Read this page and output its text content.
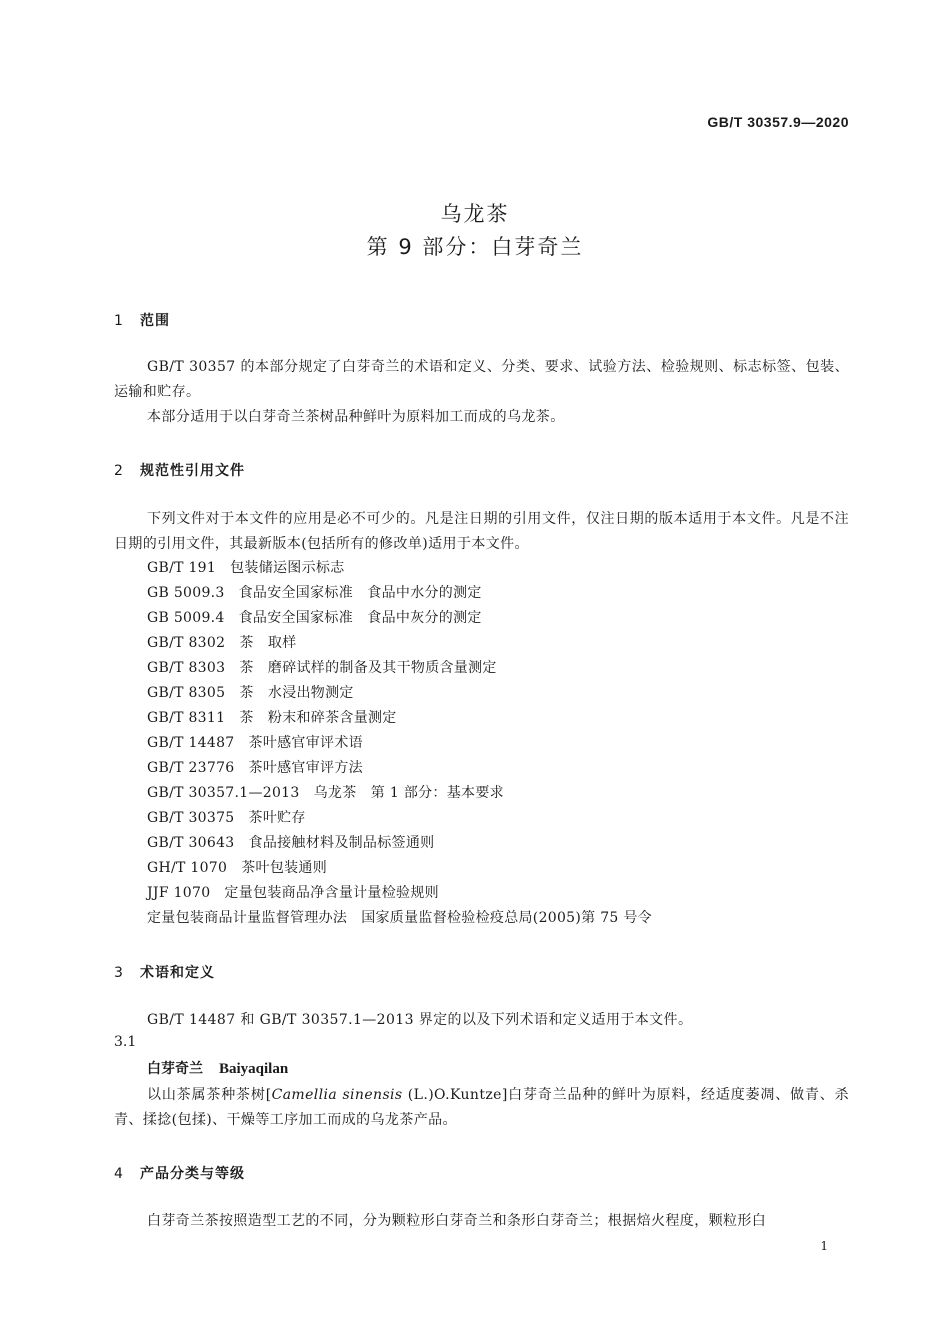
GB/T 30357.9—2020
乌龙茶
第 9 部分：白芽奇兰
1 范围
GB/T 30357 的本部分规定了白芽奇兰的术语和定义、分类、要求、试验方法、检验规则、标志标签、包装、运输和贮存。
本部分适用于以白芽奇兰茶树品种鲜叶为原料加工而成的乌龙茶。
2 规范性引用文件
下列文件对于本文件的应用是必不可少的。凡是注日期的引用文件，仅注日期的版本适用于本文件。凡是不注日期的引用文件，其最新版本(包括所有的修改单)适用于本文件。
GB/T 191 包装储运图示标志
GB 5009.3 食品安全国家标准　食品中水分的测定
GB 5009.4 食品安全国家标准　食品中灰分的测定
GB/T 8302 茶　取样
GB/T 8303 茶　磨碎试样的制备及其干物质含量测定
GB/T 8305 茶　水浸出物测定
GB/T 8311 茶　粉末和碎茶含量测定
GB/T 14487 茶叶感官审评术语
GB/T 23776 茶叶感官审评方法
GB/T 30357.1—2013 乌龙茶　第 1 部分：基本要求
GB/T 30375 茶叶贮存
GB/T 30643 食品接触材料及制品标签通则
GH/T 1070 茶叶包装通则
JJF 1070 定量包装商品净含量计量检验规则
定量包装商品计量监督管理办法 国家质量监督检验检疫总局(2005)第 75 号令
3 术语和定义
GB/T 14487 和 GB/T 30357.1—2013 界定的以及下列术语和定义适用于本文件。
3.1
白芽奇兰 Baiyaqilan
以山茶属茶种茶树[Camellia sinensis (L.)O.Kuntze]白芽奇兰品种的鲜叶为原料，经适度萎凋、做青、杀青、揉捻(包揉)、干燥等工序加工而成的乌龙茶产品。
4 产品分类与等级
白芽奇兰茶按照造型工艺的不同，分为颗粒形白芽奇兰和条形白芽奇兰；根据焙火程度，颗粒形白
1
